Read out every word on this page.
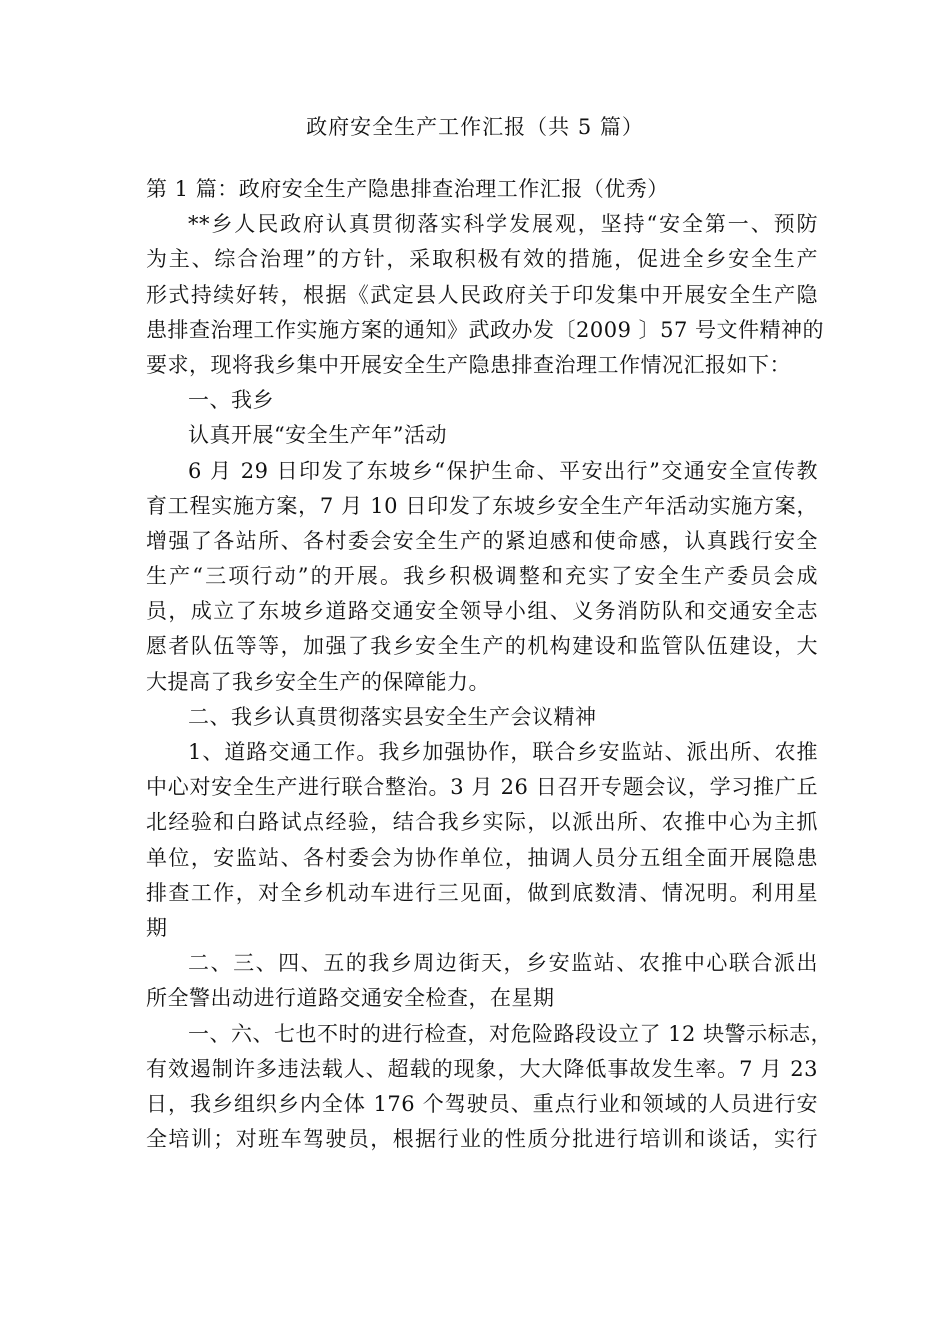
政府安全生产工作汇报（共 5 篇）
第 1 篇：政府安全生产隐患排查治理工作汇报（优秀）
**乡人民政府认真贯彻落实科学发展观，坚持“安全第一、预防
为主、综合治理”的方针，采取积极有效的措施，促进全乡安全生产
形式持续好转，根据《武定县人民政府关于印发集中开展安全生产隐
患排查治理工作实施方案的通知》武政办发〔2009 〕57 号文件精神的
要求，现将我乡集中开展安全生产隐患排查治理工作情况汇报如下：
一、我乡
认真开展“安全生产年”活动
6 月 29 日印发了东坡乡“保护生命、平安出行”交通安全宣传教
育工程实施方案，7 月 10 日印发了东坡乡安全生产年活动实施方案，
增强了各站所、各村委会安全生产的紧迫感和使命感，认真践行安全
生产“三项行动”的开展。我乡积极调整和充实了安全生产委员会成
员，成立了东坡乡道路交通安全领导小组、义务消防队和交通安全志
愿者队伍等等，加强了我乡安全生产的机构建设和监管队伍建设，大
大提高了我乡安全生产的保障能力。
二、我乡认真贯彻落实县安全生产会议精神
1、道路交通工作。我乡加强协作，联合乡安监站、派出所、农推
中心对安全生产进行联合整治。3 月 26 日召开专题会议，学习推广丘
北经验和白路试点经验，结合我乡实际，以派出所、农推中心为主抓
单位，安监站、各村委会为协作单位，抽调人员分五组全面开展隐患
排查工作，对全乡机动车进行三见面，做到底数清、情况明。利用星
期
二、三、四、五的我乡周边街天，乡安监站、农推中心联合派出
所全警出动进行道路交通安全检查，在星期
一、六、七也不时的进行检查，对危险路段设立了 12 块警示标志，
有效遏制许多违法载人、超载的现象，大大降低事故发生率。7 月 23
日，我乡组织乡内全体 176 个驾驶员、重点行业和领域的人员进行安
全培训；对班车驾驶员，根据行业的性质分批进行培训和谈话，实行
